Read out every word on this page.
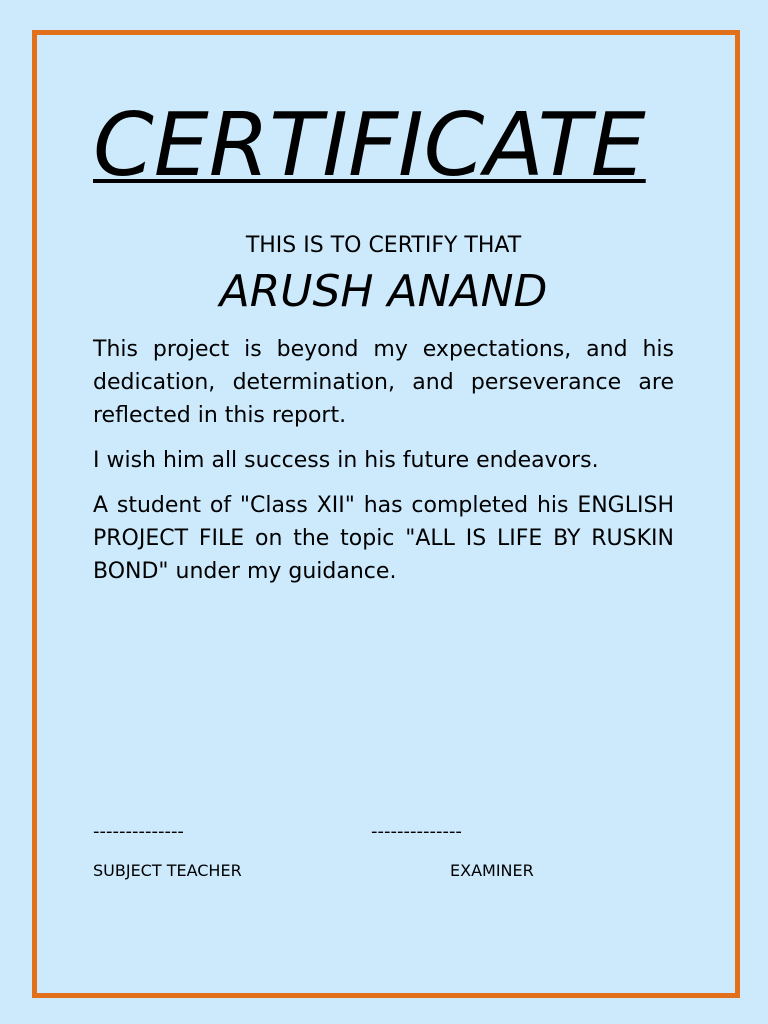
CERTIFICATE
THIS IS TO CERTIFY THAT
ARUSH ANAND

This project is beyond my expectations, and his dedication, determination, and perseverance are reflected in this report.

I wish him all success in his future endeavors.

A student of "Class XII" has completed his ENGLISH PROJECT FILE on the topic "ALL IS LIFE BY RUSKIN BOND" under my guidance.

--------------	--------------
SUBJECT TEACHER	EXAMINER
